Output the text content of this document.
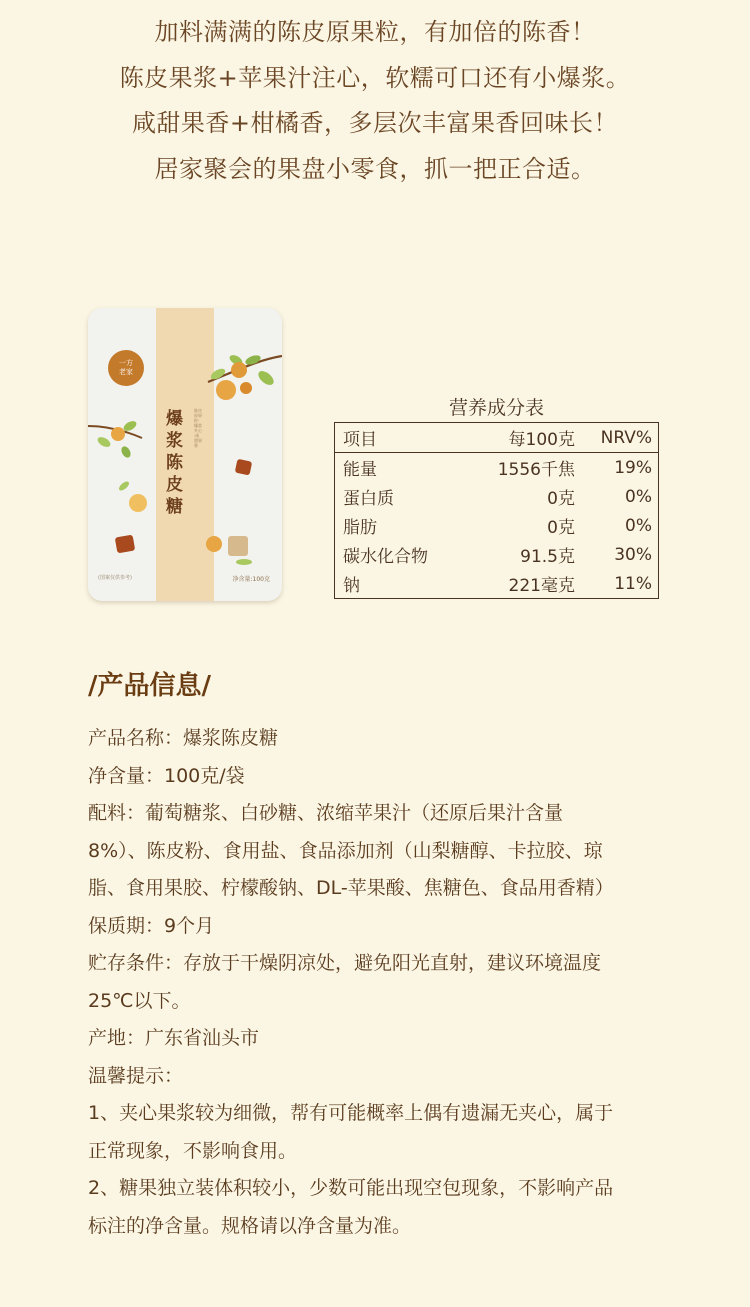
加料满满的陈皮原果粒，有加倍的陈香！
陈皮果浆+苹果汁注心，软糯可口还有小爆浆。
咸甜果香+柑橘香，多层次丰富果香回味长！
居家聚会的果盘小零食，抓一把正合适。
一方
老家
爆
浆
陈
皮
糖
陈皮原果粒·爆浆夹心·咸甜果香
(图案仅供参考)	净含量:100克
营养成分表
项目	每100克	NRV%
能量	1556千焦	19%
蛋白质	0克	0%
脂肪	0克	0%
碳水化合物	91.5克	30%
钠	221毫克	11%
/产品信息/

产品名称：爆浆陈皮糖

净含量：100克/袋

配料：葡萄糖浆、白砂糖、浓缩苹果汁（还原后果汁含量

8%）、陈皮粉、食用盐、食品添加剂（山梨糖醇、卡拉胶、琼

脂、食用果胶、柠檬酸钠、DL-苹果酸、焦糖色、食品用香精）

保质期：9个月

贮存条件：存放于干燥阴凉处，避免阳光直射，建议环境温度

25℃以下。

产地：广东省汕头市

温馨提示：

1、夹心果浆较为细微，帮有可能概率上偶有遗漏无夹心，属于

正常现象，不影响食用。

2、糖果独立装体积较小，少数可能出现空包现象，不影响产品

标注的净含量。规格请以净含量为准。
